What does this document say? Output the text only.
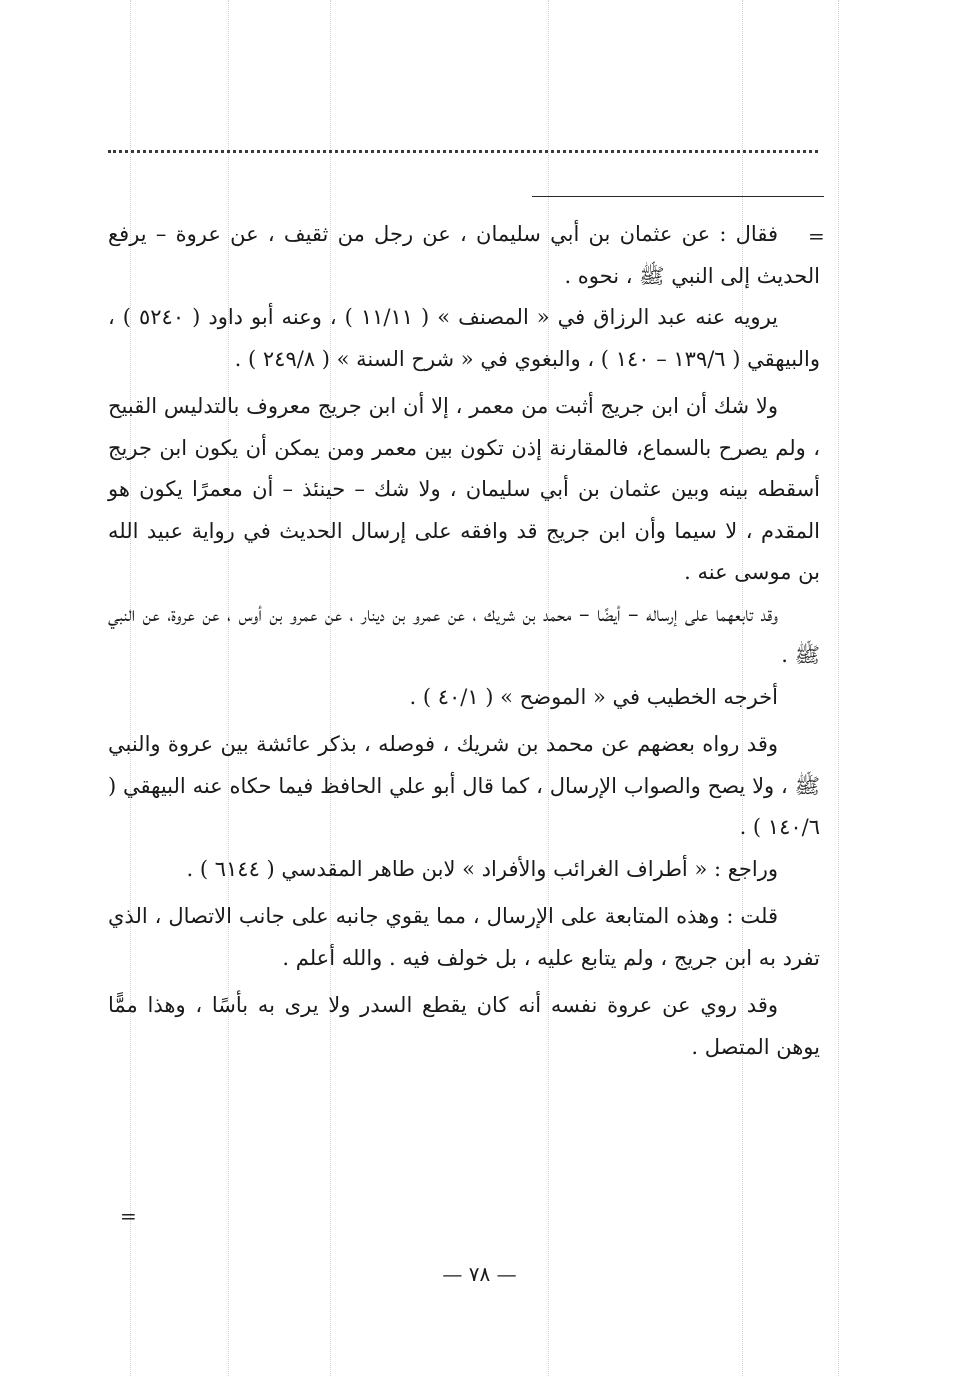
=

فقال : عن عثمان بن أبي سليمان ، عن رجل من ثقيف ، عن عروة – يرفع الحديث إلى النبي ﷺ ، نحوه .

يرويه عنه عبد الرزاق في « المصنف » ( ١١/١١ ) ، وعنه أبو داود ( ٥٢٤٠ ) ، والبيهقي ( ١٣٩/٦ – ١٤٠ ) ، والبغوي في « شرح السنة » ( ٢٤٩/٨ ) .

ولا شك أن ابن جريج أثبت من معمر ، إلا أن ابن جريج معروف بالتدليس القبيح ، ولم يصرح بالسماع، فالمقارنة إذن تكون بين معمر ومن يمكن أن يكون ابن جريج أسقطه بينه وبين عثمان بن أبي سليمان ، ولا شك – حينئذ – أن معمرًا يكون هو المقدم ، لا سيما وأن ابن جريج قد وافقه على إرسال الحديث في رواية عبيد الله بن موسى عنه .

وقد تابعهما على إرساله – أيضًا – محمد بن شريك ، عن عمرو بن دينار ، عن عمرو بن أوس ، عن عروة، عن النبي ﷺ .

أخرجه الخطيب في « الموضح » ( ٤٠/١ ) .

وقد رواه بعضهم عن محمد بن شريك ، فوصله ، بذكر عائشة بين عروة والنبي ﷺ ، ولا يصح والصواب الإرسال ، كما قال أبو علي الحافظ فيما حكاه عنه البيهقي ( ١٤٠/٦ ) .

وراجع : « أطراف الغرائب والأفراد » لابن طاهر المقدسي ( ٦١٤٤ ) .

قلت : وهذه المتابعة على الإرسال ، مما يقوي جانبه على جانب الاتصال ، الذي تفرد به ابن جريج ، ولم يتابع عليه ، بل خولف فيه . والله أعلم .

وقد روي عن عروة نفسه أنه كان يقطع السدر ولا يرى به بأسًا ، وهذا ممًّا يوهن المتصل .

=
— ٧٨ —
